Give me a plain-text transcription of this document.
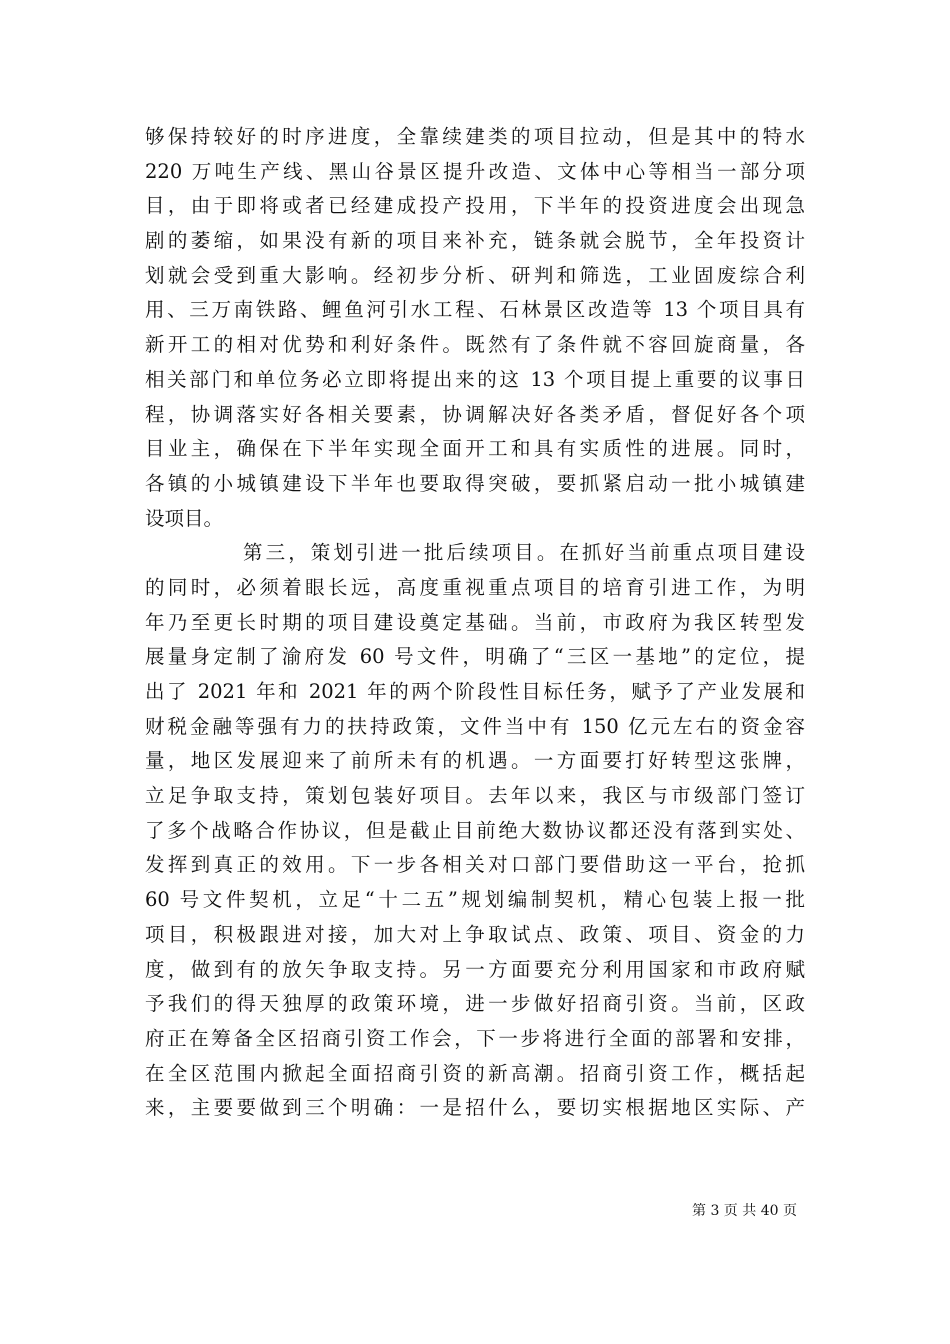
够保持较好的时序进度，全靠续建类的项目拉动，但是其中的特水
220 万吨生产线、黑山谷景区提升改造、文体中心等相当一部分项
目，由于即将或者已经建成投产投用，下半年的投资进度会出现急
剧的萎缩，如果没有新的项目来补充，链条就会脱节，全年投资计
划就会受到重大影响。经初步分析、研判和筛选，工业固废综合利
用、三万南铁路、鲤鱼河引水工程、石林景区改造等 13 个项目具有
新开工的相对优势和利好条件。既然有了条件就不容回旋商量，各
相关部门和单位务必立即将提出来的这 13 个项目提上重要的议事日
程，协调落实好各相关要素，协调解决好各类矛盾，督促好各个项
目业主，确保在下半年实现全面开工和具有实质性的进展。同时，
各镇的小城镇建设下半年也要取得突破，要抓紧启动一批小城镇建
设项目。
第三，策划引进一批后续项目。在抓好当前重点项目建设
的同时，必须着眼长远，高度重视重点项目的培育引进工作，为明
年乃至更长时期的项目建设奠定基础。当前，市政府为我区转型发
展量身定制了渝府发 60 号文件，明确了“三区一基地”的定位，提
出了 2021 年和 2021 年的两个阶段性目标任务，赋予了产业发展和
财税金融等强有力的扶持政策，文件当中有 150 亿元左右的资金容
量，地区发展迎来了前所未有的机遇。一方面要打好转型这张牌，
立足争取支持，策划包装好项目。去年以来，我区与市级部门签订
了多个战略合作协议，但是截止目前绝大数协议都还没有落到实处、
发挥到真正的效用。下一步各相关对口部门要借助这一平台，抢抓
60 号文件契机，立足“十二五”规划编制契机，精心包装上报一批
项目，积极跟进对接，加大对上争取试点、政策、项目、资金的力
度，做到有的放矢争取支持。另一方面要充分利用国家和市政府赋
予我们的得天独厚的政策环境，进一步做好招商引资。当前，区政
府正在筹备全区招商引资工作会，下一步将进行全面的部署和安排，
在全区范围内掀起全面招商引资的新高潮。招商引资工作，概括起
来，主要要做到三个明确：一是招什么，要切实根据地区实际、产
第 3 页 共 40 页
